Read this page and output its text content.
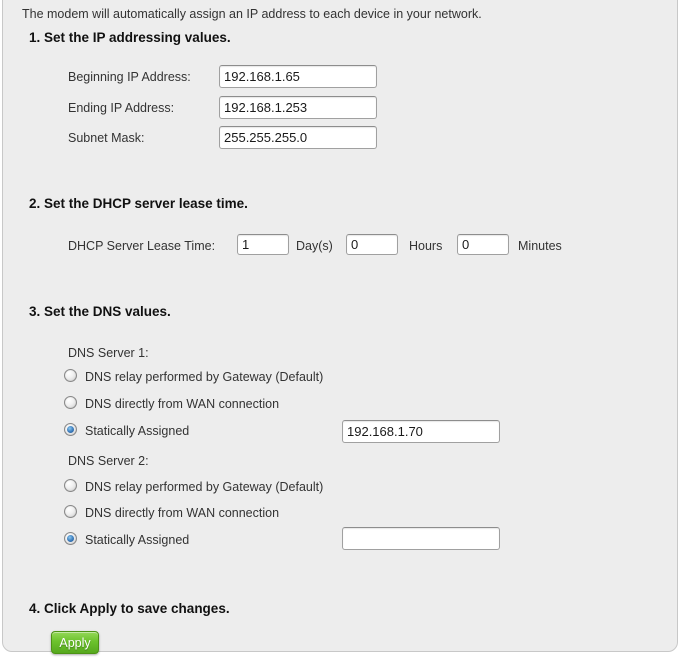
The modem will automatically assign an IP address to each device in your network.
1. Set the IP addressing values.
Beginning IP Address:
192.168.1.65
Ending IP Address:
192.168.1.253
Subnet Mask:
255.255.255.0
2. Set the DHCP server lease time.
DHCP Server Lease Time:
1	Day(s)
0	Hours
0	Minutes
3. Set the DNS values.
DNS Server 1:
DNS relay performed by Gateway (Default)
DNS directly from WAN connection
Statically Assigned
192.168.1.70
DNS Server 2:
DNS relay performed by Gateway (Default)
DNS directly from WAN connection
Statically Assigned
4. Click Apply to save changes.
Apply
